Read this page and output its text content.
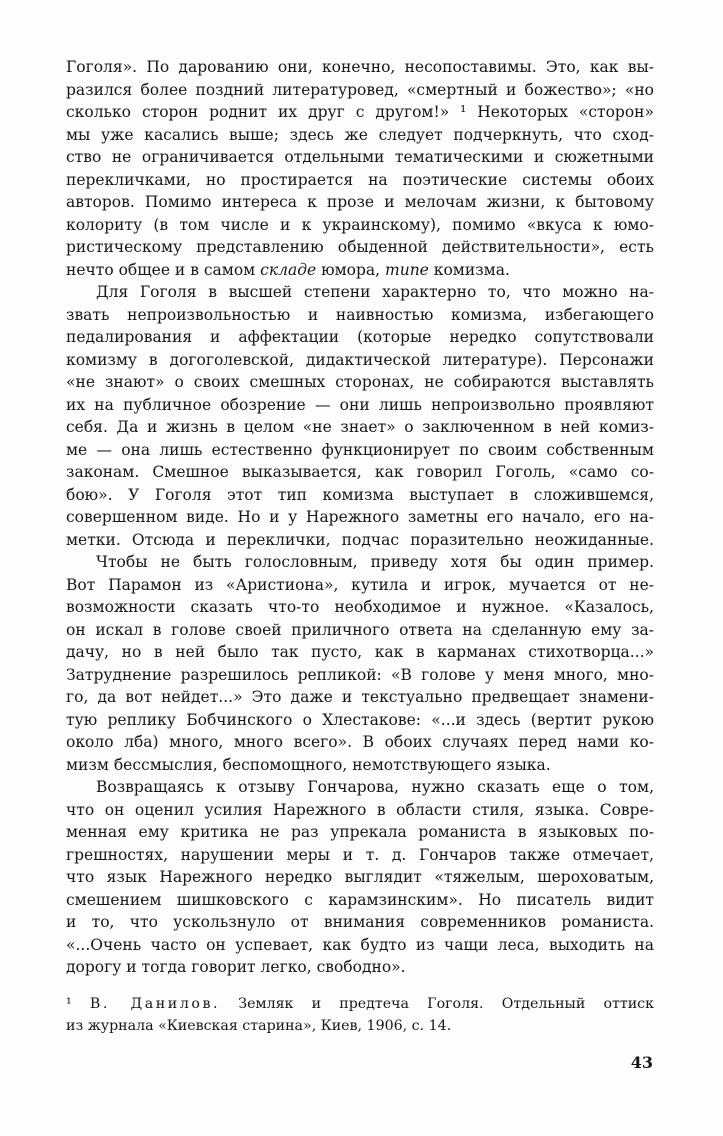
Гоголя». По дарованию они, конечно, несопоставимы. Это, как вы-
разился более поздний литературовед, «смертный и божество»; «но
сколько сторон роднит их друг с другом!» ¹ Некоторых «сторон»
мы уже касались выше; здесь же следует подчеркнуть, что сход-
ство не ограничивается отдельными тематическими и сюжетными
перекличками, но простирается на поэтические системы обоих
авторов. Помимо интереса к прозе и мелочам жизни, к бытовому
колориту (в том числе и к украинскому), помимо «вкуса к юмо-
ристическому представлению обыденной действительности», есть
нечто общее и в самом складе юмора, типе комизма.
Для Гоголя в высшей степени характерно то, что можно на-
звать непроизвольностью и наивностью комизма, избегающего
педалирования и аффектации (которые нередко сопутствовали
комизму в догоголевской, дидактической литературе). Персонажи
«не знают» о своих смешных сторонах, не собираются выставлять
их на публичное обозрение — они лишь непроизвольно проявляют
себя. Да и жизнь в целом «не знает» о заключенном в ней комиз-
ме — она лишь естественно функционирует по своим собственным
законам. Смешное выказывается, как говорил Гоголь, «само со-
бою». У Гоголя этот тип комизма выступает в сложившемся,
совершенном виде. Но и у Нарежного заметны его начало, его на-
метки. Отсюда и переклички, подчас поразительно неожиданные.
Чтобы не быть голословным, приведу хотя бы один пример.
Вот Парамон из «Аристиона», кутила и игрок, мучается от не-
возможности сказать что-то необходимое и нужное. «Казалось,
он искал в голове своей приличного ответа на сделанную ему за-
дачу, но в ней было так пусто, как в карманах стихотворца...»
Затруднение разрешилось репликой: «В голове у меня много, мно-
го, да вот нейдет...» Это даже и текстуально предвещает знамени-
тую реплику Бобчинского о Хлестакове: «...и здесь (вертит рукою
около лба) много, много всего». В обоих случаях перед нами ко-
мизм бессмыслия, беспомощного, немотствующего языка.
Возвращаясь к отзыву Гончарова, нужно сказать еще о том,
что он оценил усилия Нарежного в области стиля, языка. Совре-
менная ему критика не раз упрекала романиста в языковых по-
грешностях, нарушении меры и т. д. Гончаров также отмечает,
что язык Нарежного нередко выглядит «тяжелым, шероховатым,
смешением шишковского с карамзинским». Но писатель видит
и то, что ускользнуло от внимания современников романиста.
«...Очень часто он успевает, как будто из чащи леса, выходить на
дорогу и тогда говорит легко, свободно».
¹ В. Данилов. Земляк и предтеча Гоголя. Отдельный оттиск
из журнала «Киевская старина», Киев, 1906, с. 14.
43
